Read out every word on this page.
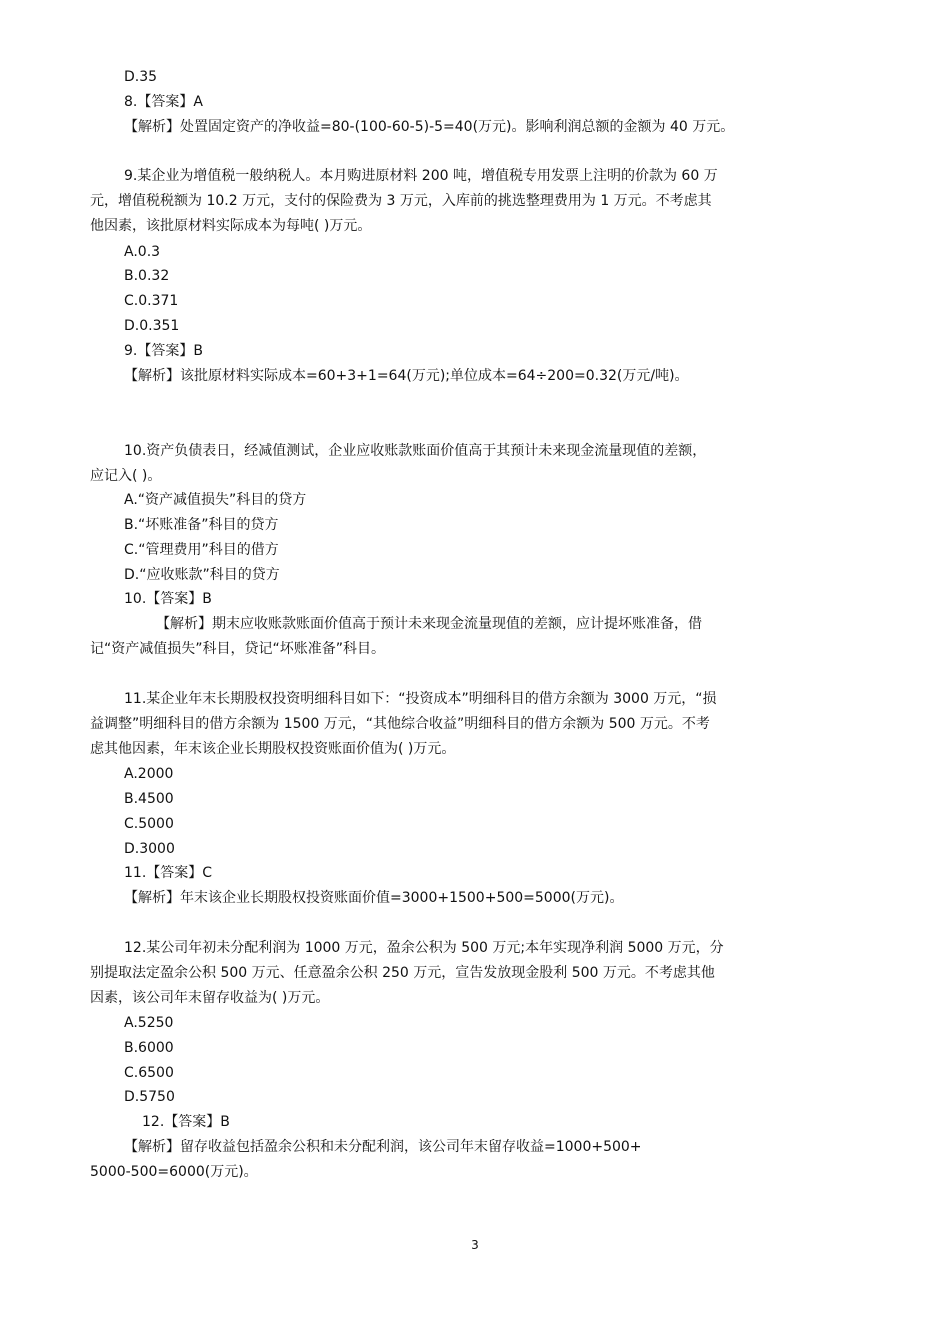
D.35
8.【答案】A
【解析】处置固定资产的净收益=80-(100-60-5)-5=40(万元)。影响利润总额的金额为 40 万元。
9.某企业为增值税一般纳税人。本月购进原材料 200 吨，增值税专用发票上注明的价款为 60 万
元，增值税税额为 10.2 万元，支付的保险费为 3 万元，入库前的挑选整理费用为 1 万元。不考虑其
他因素，该批原材料实际成本为每吨( )万元。
A.0.3
B.0.32
C.0.371
D.0.351
9.【答案】B
【解析】该批原材料实际成本=60+3+1=64(万元);单位成本=64÷200=0.32(万元/吨)。
10.资产负债表日，经减值测试，企业应收账款账面价值高于其预计未来现金流量现值的差额，
应记入( )。
A.“资产减值损失”科目的贷方
B.“坏账准备”科目的贷方
C.“管理费用”科目的借方
D.“应收账款”科目的贷方
10.【答案】B
【解析】期末应收账款账面价值高于预计未来现金流量现值的差额，应计提坏账准备，借
记“资产减值损失”科目，贷记“坏账准备”科目。
11.某企业年末长期股权投资明细科目如下：“投资成本”明细科目的借方余额为 3000 万元，“损
益调整”明细科目的借方余额为 1500 万元，“其他综合收益”明细科目的借方余额为 500 万元。不考
虑其他因素，年末该企业长期股权投资账面价值为( )万元。
A.2000
B.4500
C.5000
D.3000
11.【答案】C
【解析】年末该企业长期股权投资账面价值=3000+1500+500=5000(万元)。
12.某公司年初未分配利润为 1000 万元，盈余公积为 500 万元;本年实现净利润 5000 万元，分
别提取法定盈余公积 500 万元、任意盈余公积 250 万元，宣告发放现金股利 500 万元。不考虑其他
因素，该公司年末留存收益为( )万元。
A.5250
B.6000
C.6500
D.5750
12.【答案】B
【解析】留存收益包括盈余公积和未分配利润，该公司年末留存收益=1000+500+
5000-500=6000(万元)。
3
